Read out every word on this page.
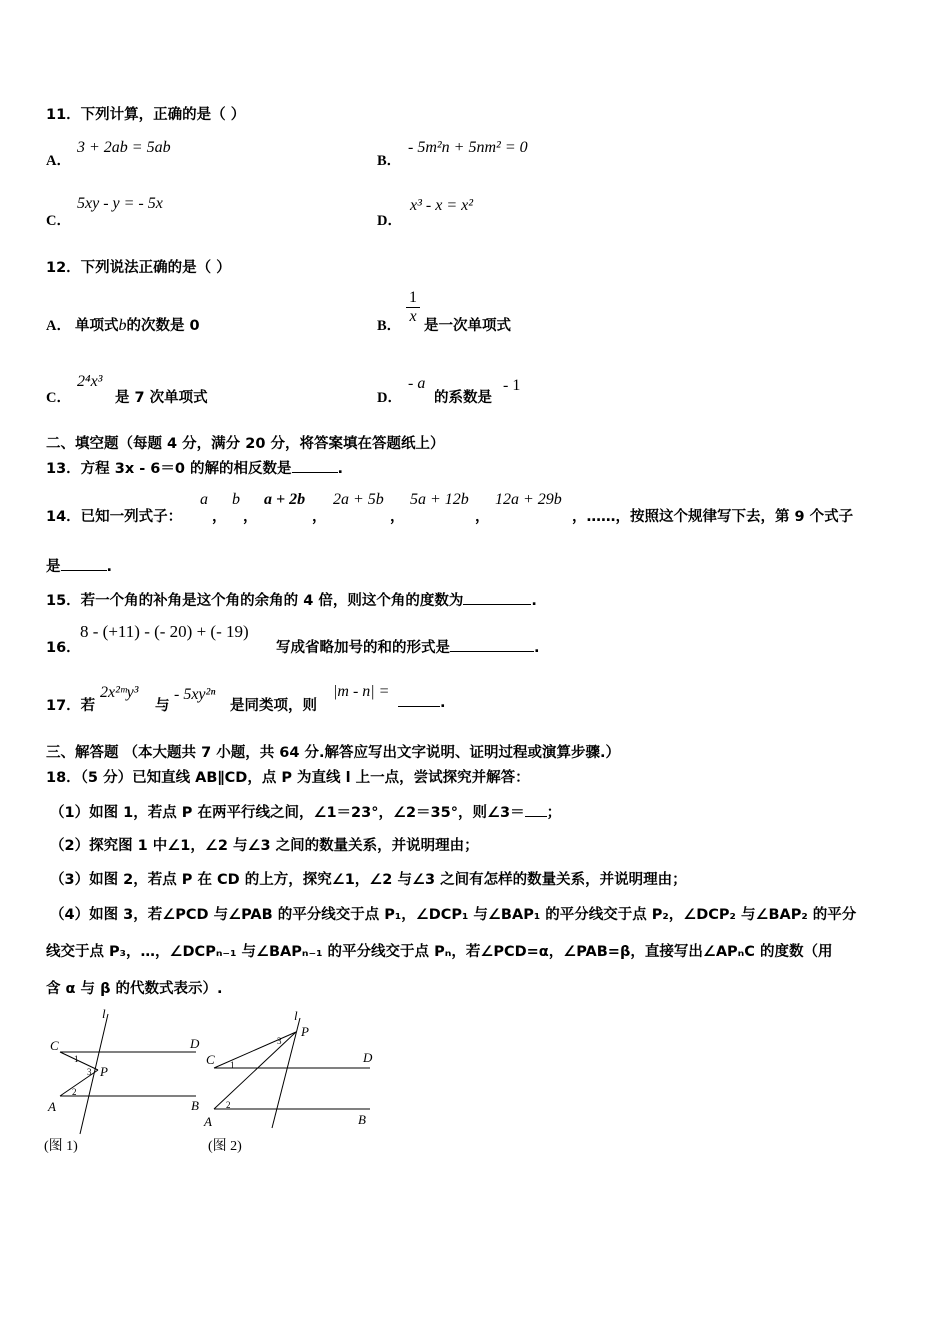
11．下列计算，正确的是（ ）
A．
3 + 2ab = 5ab
B．
- 5m²n + 5nm² = 0
C．
5xy - y = - 5x
D．
x³ - x = x²
12．下列说法正确的是（ ）
A． 单项式b的次数是 0	B． $\frac{1}{x}$ 是一次单项式
C．
2⁴x³
是 7 次单项式	D．
- a
的系数是
- 1
二、填空题（每题 4 分，满分 20 分，将答案填在答题纸上）
13．方程 3x - 6＝0 的解的相反数是	.
14．已知一列式子：
a
，
b
，
a + 2b
，
2a + 5b
，
5a + 12b
，
12a + 29b
，……，按照这个规律写下去，第 9 个式子
是	.
15．若一个角的补角是这个角的余角的 4 倍，则这个角的度数为	.
16．
8 - (+11) - (- 20) + (- 19)
写成省略加号的和的形式是	.
17．若
2x²ᵐy³
与
- 5xy²ⁿ
是同类项，则
|m - n| =
.
三、解答题 （本大题共 7 小题，共 64 分.解答应写出文字说明、证明过程或演算步骤.）
18．（5 分）已知直线 AB∥CD，点 P 为直线 l 上一点，尝试探究并解答：
（1）如图 1，若点 P 在两平行线之间，∠1＝23°，∠2＝35°，则∠3＝ ；
（2）探究图 1 中∠1，∠2 与∠3 之间的数量关系，并说明理由；
（3）如图 2，若点 P 在 CD 的上方，探究∠1，∠2 与∠3 之间有怎样的数量关系，并说明理由；
（4）如图 3，若∠PCD 与∠PAB 的平分线交于点 P₁，∠DCP₁ 与∠BAP₁ 的平分线交于点 P₂，∠DCP₂ 与∠BAP₂ 的平分
线交于点 P₃，…，∠DCPₙ₋₁ 与∠BAPₙ₋₁ 的平分线交于点 Pₙ，若∠PCD=α，∠PAB=β，直接写出∠APₙC 的度数（用
含 α 与 β 的代数式表示）.
l
C	D
P
A	B
1
2
3
(图 1)
l
P
C	D
A	B
1
2
3
(图 2)
